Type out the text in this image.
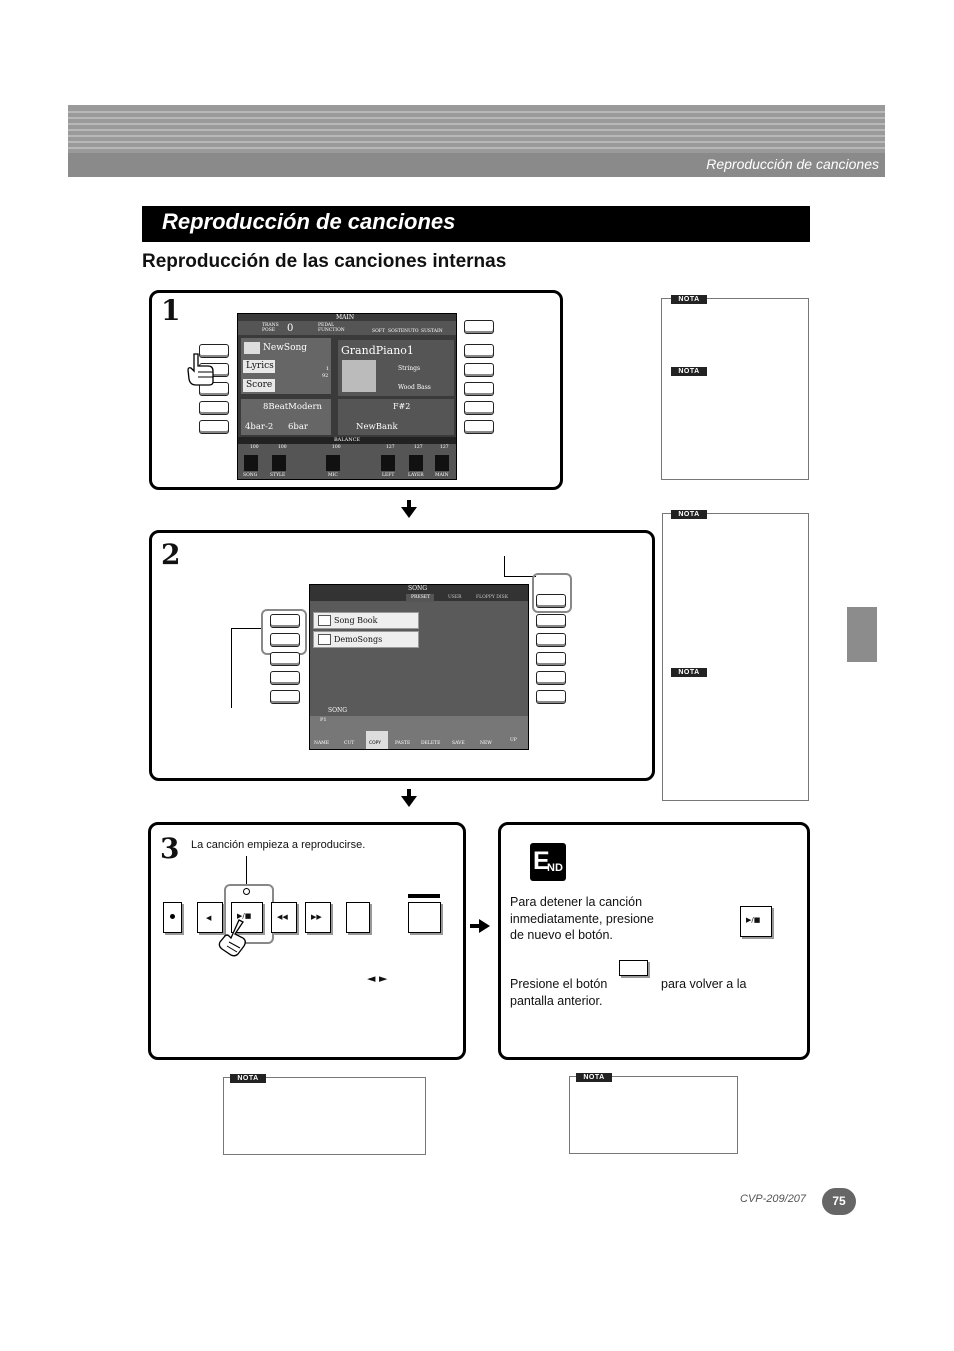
Reproducción de canciones
Reproducción de canciones
Reproducción de las canciones internas
1	MAIN
TRANS POSE	0	PEDAL FUNCTION	SOFT SOSTENUTO SUSTAIN
NewSong
Lyrics
Score
1
92
GrandPiano1
Strings
Wood Bass
8BeatModern
4bar-2 6bar
F#2
NewBank
BALANCE
100	100	100	127	127	127
SONG	STYLE	MIC	LEFT	LAYER	MAIN
NOTA
NOTA
2
SONG
PRESET	USER	FLOPPY DISK
Song Book
DemoSongs
SONG
P1
NAME	CUT	COPY	PASTE DELETE	SAVE	NEW
UP
NOTA
NOTA
3 La canción empieza a reproducirse.
◀	▶/■	◀◀	▶▶
◄ ►
E
ND
Para detener la canción inmediatamente, presione de nuevo el botón.
▶/■
Presione el botón	para volver a la pantalla anterior.
NOTA	NOTA
CVP-209/207	75
